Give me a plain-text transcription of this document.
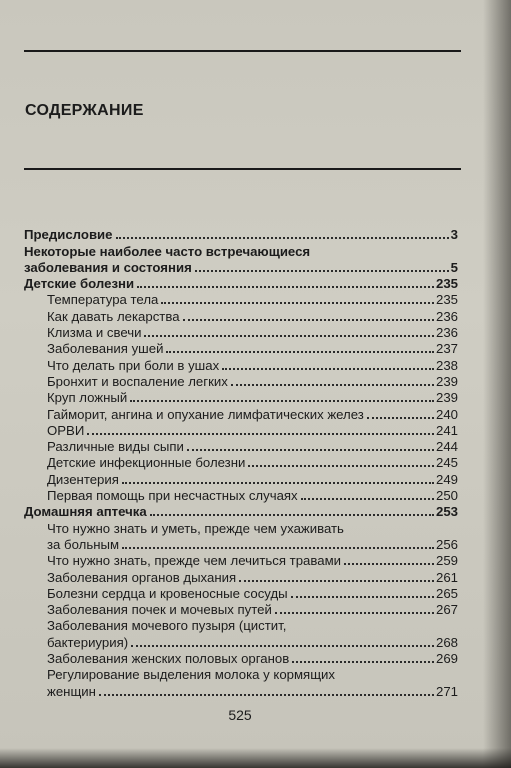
СОДЕРЖАНИЕ
Предисловие	3
Некоторые наиболее часто встречающиеся
заболевания и состояния	5
Детские болезни	235
Температура тела	235
Как давать лекарства	236
Клизма и свечи	236
Заболевания ушей	237
Что делать при боли в ушах	238
Бронхит и воспаление легких	239
Круп ложный	239
Гайморит, ангина и опухание лимфатических желез	240
ОРВИ	241
Различные виды сыпи	244
Детские инфекционные болезни	245
Дизентерия	249
Первая помощь при несчастных случаях	250
Домашняя аптечка	253
Что нужно знать и уметь, прежде чем ухаживать
за больным	256
Что нужно знать, прежде чем лечиться травами	259
Заболевания органов дыхания	261
Болезни сердца и кровеносные сосуды	265
Заболевания почек и мочевых путей	267
Заболевания мочевого пузыря (цистит,
бактериурия)	268
Заболевания женских половых органов	269
Регулирование выделения молока у кормящих
женщин	271
525
